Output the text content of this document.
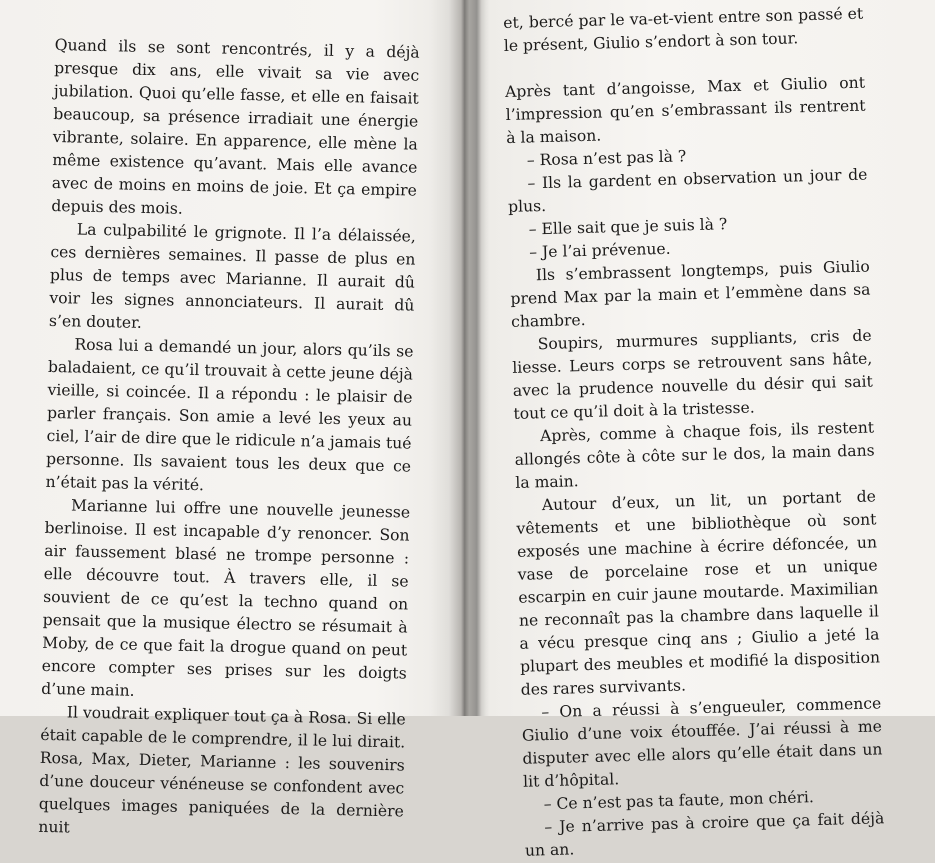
Quand ils se sont rencontrés, il y a déjà presque dix ans, elle vivait sa vie avec jubilation. Quoi qu’elle fasse, et elle en faisait beaucoup, sa présence irradiait une énergie vibrante, solaire. En apparence, elle mène la même existence qu’avant. Mais elle avance avec de moins en moins de joie. Et ça empire depuis des mois.

La culpabilité le grignote. Il l’a délaissée, ces dernières semaines. Il passe de plus en plus de temps avec Marianne. Il aurait dû voir les signes annonciateurs. Il aurait dû s’en douter.

Rosa lui a demandé un jour, alors qu’ils se baladaient, ce qu’il trouvait à cette jeune déjà vieille, si coincée. Il a répondu : le plaisir de parler français. Son amie a levé les yeux au ciel, l’air de dire que le ridicule n’a jamais tué personne. Ils savaient tous les deux que ce n’était pas la vérité.

Marianne lui offre une nouvelle jeunesse berlinoise. Il est incapable d’y renoncer. Son air faussement blasé ne trompe personne : elle découvre tout. À travers elle, il se souvient de ce qu’est la techno quand on pensait que la musique électro se résumait à Moby, de ce que fait la drogue quand on peut encore compter ses prises sur les doigts d’une main.

Il voudrait expliquer tout ça à Rosa. Si elle était capable de le comprendre, il le lui dirait. Rosa, Max, Dieter, Marianne : les souvenirs d’une douceur vénéneuse se confondent avec quelques images paniquées de la dernière nuit

et, bercé par le va-et-vient entre son passé et le présent, Giulio s’endort à son tour.

Après tant d’angoisse, Max et Giulio ont l’impression qu’en s’embrassant ils rentrent à la maison.

– Rosa n’est pas là ?

– Ils la gardent en observation un jour de plus.

– Elle sait que je suis là ?

– Je l’ai prévenue.

Ils s’embrassent longtemps, puis Giulio prend Max par la main et l’emmène dans sa chambre.

Soupirs, murmures suppliants, cris de liesse. Leurs corps se retrouvent sans hâte, avec la prudence nouvelle du désir qui sait tout ce qu’il doit à la tristesse.

Après, comme à chaque fois, ils restent allongés côte à côte sur le dos, la main dans la main.

Autour d’eux, un lit, un portant de vêtements et une bibliothèque où sont exposés une machine à écrire défoncée, un vase de porcelaine rose et un unique escarpin en cuir jaune moutarde. Maximilian ne reconnaît pas la chambre dans laquelle il a vécu presque cinq ans ; Giulio a jeté la plupart des meubles et modifié la disposition des rares survivants.

– On a réussi à s’engueuler, commence Giulio d’une voix étouffée. J’ai réussi à me disputer avec elle alors qu’elle était dans un lit d’hôpital.

– Ce n’est pas ta faute, mon chéri.

– Je n’arrive pas à croire que ça fait déjà un an.
